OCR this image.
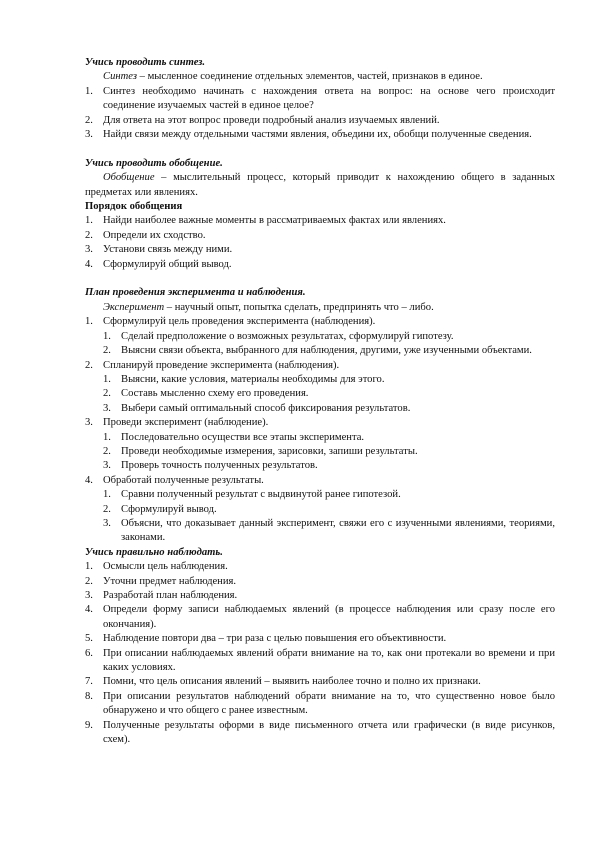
Учись проводить синтез.

Синтез – мысленное соединение отдельных элементов, частей, признаков в единое.

1. Синтез необходимо начинать с нахождения ответа на вопрос: на основе чего происходит соединение изучаемых частей в единое целое?
2. Для ответа на этот вопрос проведи подробный анализ изучаемых явлений.
3. Найди связи между отдельными частями явления, объедини их, обобщи полученные сведения.

Учись проводить обобщение.

Обобщение – мыслительный процесс, который приводит к нахождению общего в заданных предметах или явлениях.

Порядок обобщения

1. Найди наиболее важные моменты в рассматриваемых фактах или явлениях.
2. Определи их сходство.
3. Установи связь между ними.
4. Сформулируй общий вывод.

План проведения эксперимента и наблюдения.

Эксперимент – научный опыт, попытка сделать, предпринять что – либо.

1. Сформулируй цель проведения эксперимента (наблюдения).
1. Сделай предположение о возможных результатах, сформулируй гипотезу.
2. Выясни связи объекта, выбранного для наблюдения, другими, уже изученными объектами.
2. Спланируй проведение эксперимента (наблюдения).
1. Выясни, какие условия, материалы необходимы для этого.
2. Составь мысленно схему его проведения.
3. Выбери самый оптимальный способ фиксирования результатов.
3. Проведи эксперимент (наблюдение).
1. Последовательно осуществи все этапы эксперимента.
2. Проведи необходимые измерения, зарисовки, запиши результаты.
3. Проверь точность полученных результатов.
4. Обработай полученные результаты.
1. Сравни полученный результат с выдвинутой ранее гипотезой.
2. Сформулируй вывод.
3. Объясни, что доказывает данный эксперимент, свяжи его с изученными явлениями, теориями, законами.

Учись правильно наблюдать.

1. Осмысли цель наблюдения.
2. Уточни предмет наблюдения.
3. Разработай план наблюдения.
4. Определи форму записи наблюдаемых явлений (в процессе наблюдения или сразу после его окончания).
5. Наблюдение повтори два – три раза с целью повышения его объективности.
6. При описании наблюдаемых явлений обрати внимание на то, как они протекали во времени и при каких условиях.
7. Помни, что цель описания явлений – выявить наиболее точно и полно их признаки.
8. При описании результатов наблюдений обрати внимание на то, что существенно новое было обнаружено и что общего с ранее известным.
9. Полученные результаты оформи в виде письменного отчета или графически (в виде рисунков, схем).
